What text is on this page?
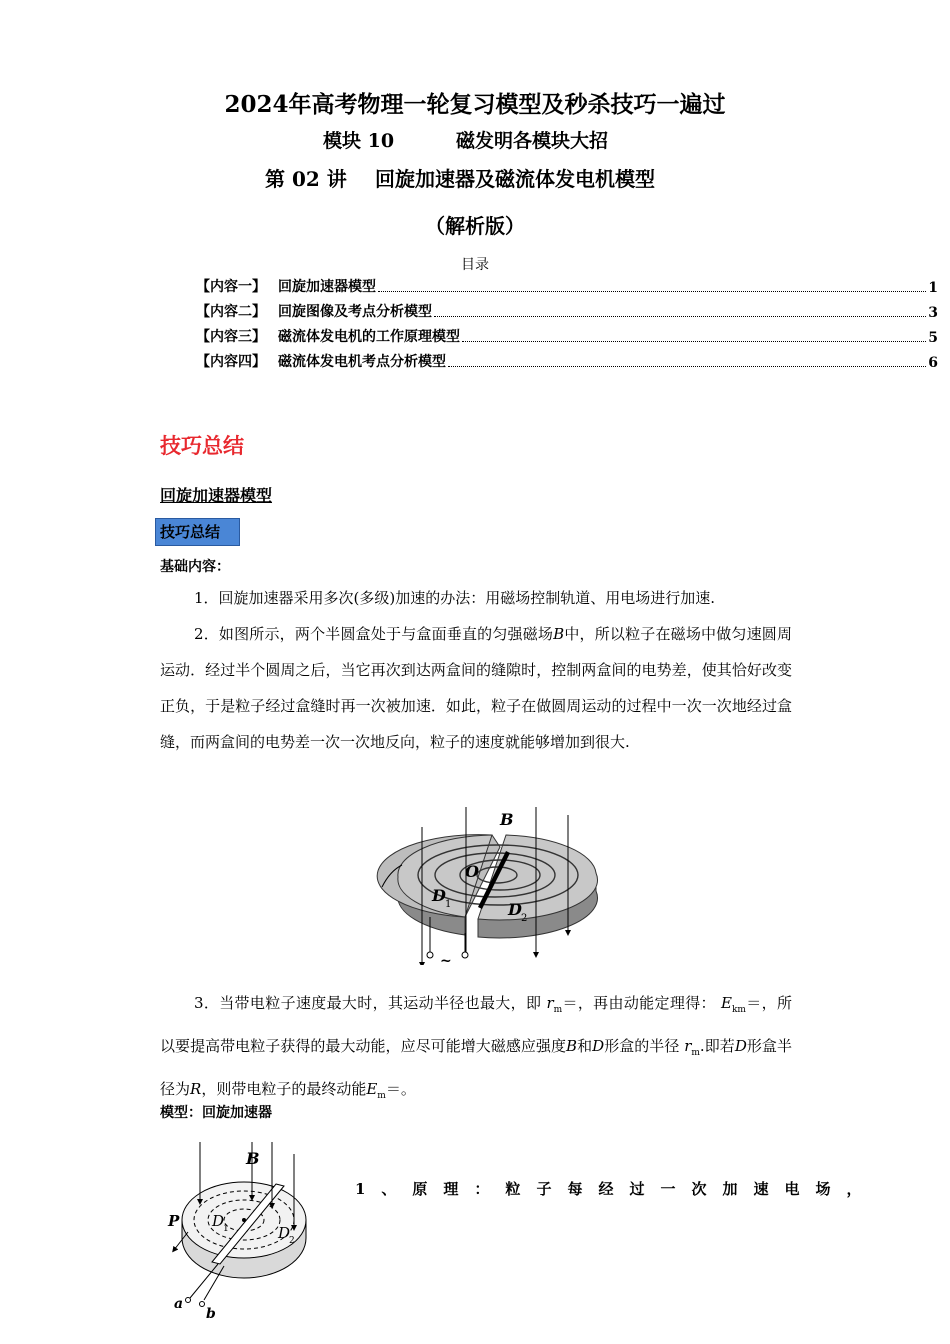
2024年高考物理一轮复习模型及秒杀技巧一遍过
模块 10	磁发明各模块大招
第 02 讲 回旋加速器及磁流体发电机模型
（解析版）
目录
【内容一】 回旋加速器模型	1
【内容二】 回旋图像及考点分析模型	3
【内容三】 磁流体发电机的工作原理模型	5
【内容四】 磁流体发电机考点分析模型	6
技巧总结
回旋加速器模型
技巧总结
基础内容：
1．回旋加速器采用多次(多级)加速的办法：用磁场控制轨道、用电场进行加速.
2．如图所示，两个半圆盒处于与盒面垂直的匀强磁场B中，所以粒子在磁场中做匀速圆周运动．经过半个圆周之后，当它再次到达两盒间的缝隙时，控制两盒间的电势差，使其恰好改变正负，于是粒子经过盒缝时再一次被加速．如此，粒子在做圆周运动的过程中一次一次地经过盒缝，而两盒间的电势差一次一次地反向，粒子的速度就能够增加到很大.
B
O
D 1	D 2
~
3．当带电粒子速度最大时，其运动半径也最大，即 $r_m=$，再由动能定理得： $E_{km}=$，所以要提高带电粒子获得的最大动能，应尽可能增大磁感应强度B和D形盒的半径 $r_m$.即若D形盒半径为R，则带电粒子的最终动能$E_m=$。
模型：回旋加速器
B
P D
1	D
2
a
b
1、原理：粒子每经过一次加速电场，
